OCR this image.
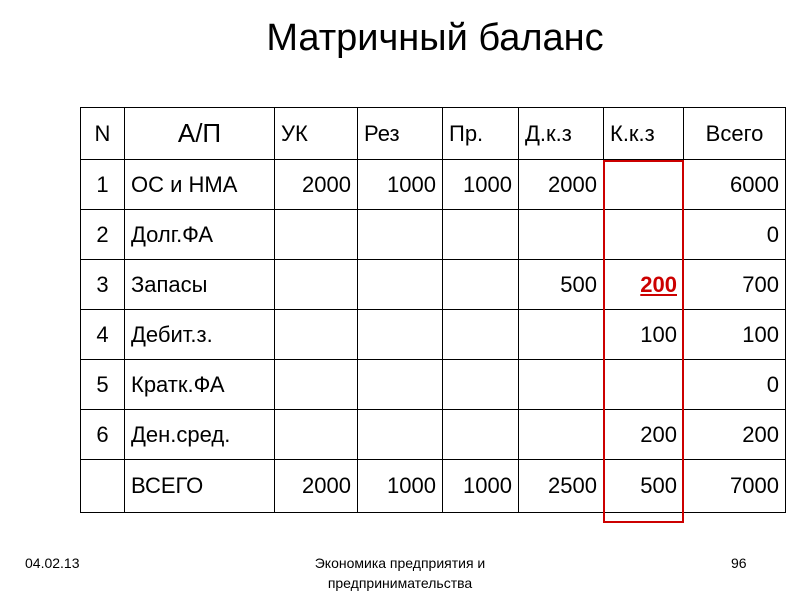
Матричный баланс
N	А/П	УК	Рез	Пр.	Д.к.з	К.к.з	Всего
1	ОС и НМА	2000	1000	1000	2000		6000
2	Долг.ФА						0
3	Запасы				500	200	700
4	Дебит.з.					100	100
5	Кратк.ФА						0
6	Ден.сред.					200	200
	ВСЕГО	2000	1000	1000	2500	500	7000
04.02.13	Экономика предприятия и предпринимательства
96
